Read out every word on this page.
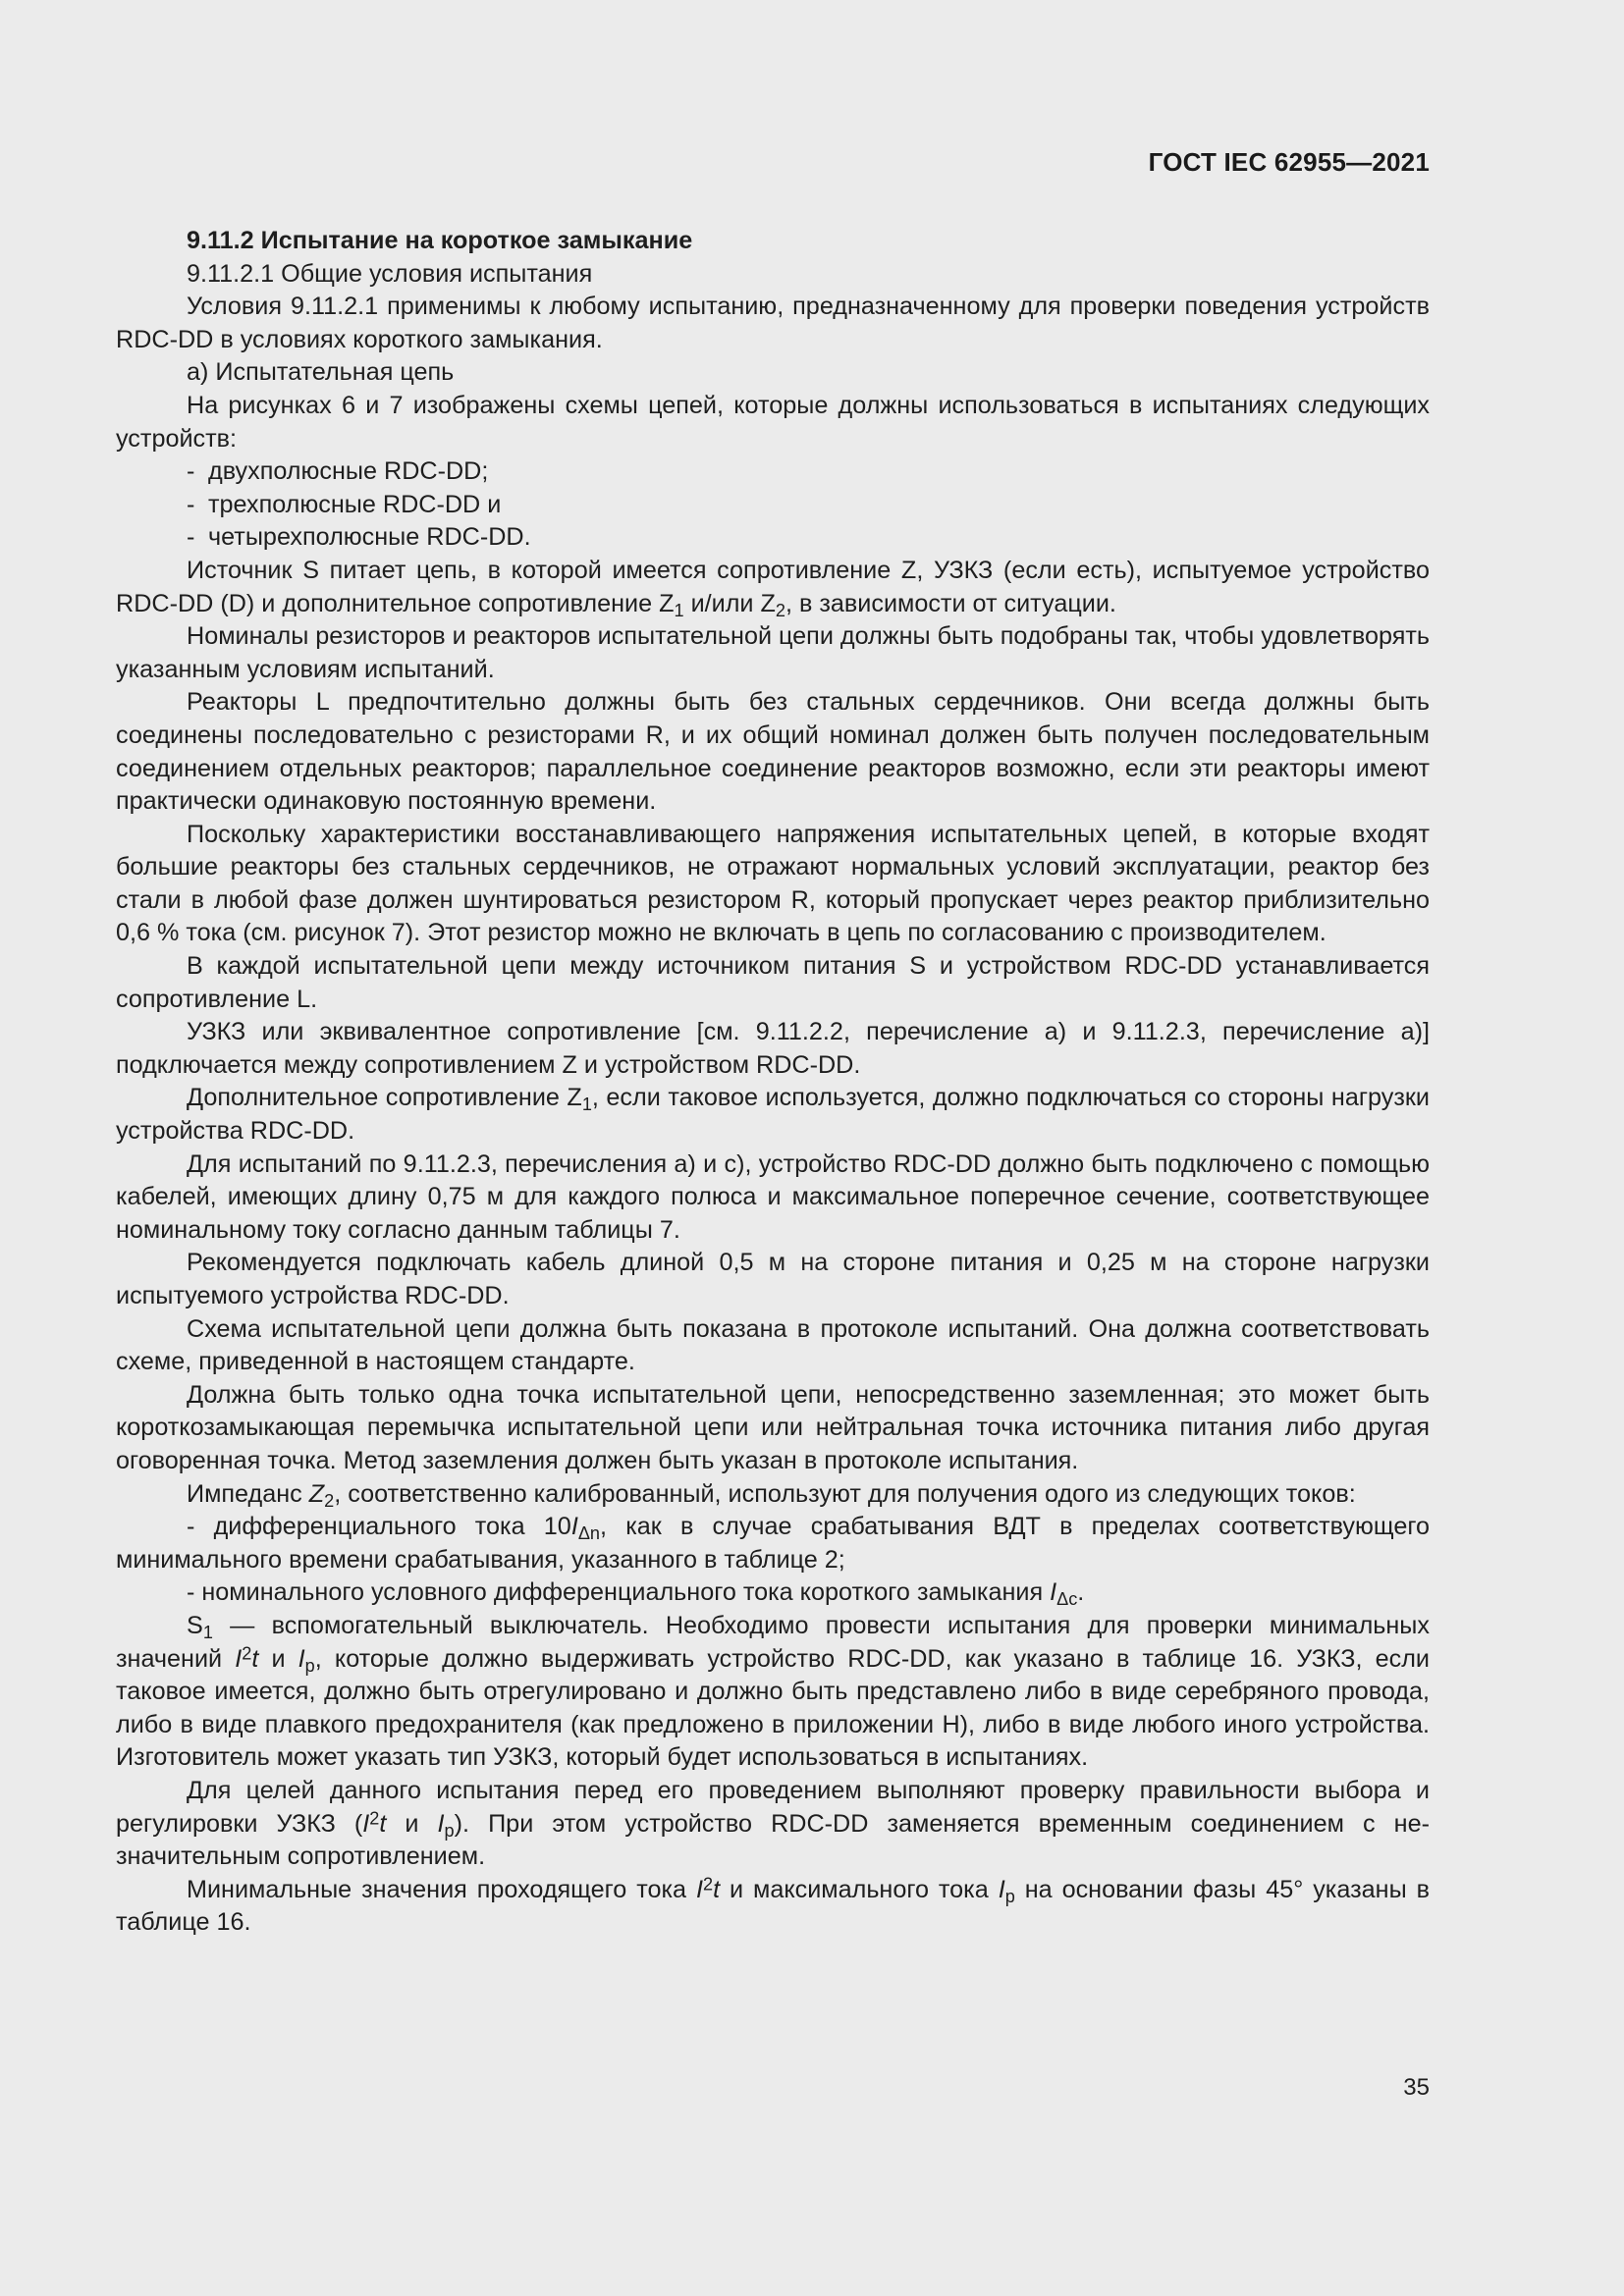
ГОСТ IEC 62955—2021

9.11.2 Испытание на короткое замыкание

9.11.2.1 Общие условия испытания

Условия 9.11.2.1 применимы к любому испытанию, предназначенному для проверки поведения устройств RDC-DD в условиях короткого замыкания.

а) Испытательная цепь

На рисунках 6 и 7 изображены схемы цепей, которые должны использоваться в испытаниях следующих устройств:

- двухполюсные RDC-DD;

- трехполюсные RDC-DD и

- четырехполюсные RDC-DD.

Источник S питает цепь, в которой имеется сопротивление Z, УЗКЗ (если есть), испытуемое устройство RDC-DD (D) и дополнительное сопротивление $Z_1$ и/или $Z_2$, в зависимости от ситуации.

Номиналы резисторов и реакторов испытательной цепи должны быть подобраны так, чтобы удовлетворять указанным условиям испытаний.

Реакторы L предпочтительно должны быть без стальных сердечников. Они всегда должны быть соединены последовательно с резисторами R, и их общий номинал должен быть получен последовательным соединением отдельных реакторов; параллельное соединение реакторов возможно, если эти реакторы имеют практически одинаковую постоянную времени.

Поскольку характеристики восстанавливающего напряжения испытательных цепей, в которые входят большие реакторы без стальных сердечников, не отражают нормальных условий эксплуатации, реактор без стали в любой фазе должен шунтироваться резистором R, который пропускает через реактор приблизительно 0,6 % тока (см. рисунок 7). Этот резистор можно не включать в цепь по согласованию с производителем.

В каждой испытательной цепи между источником питания S и устройством RDC-DD устанавливается сопротивление L.

УЗКЗ или эквивалентное сопротивление [см. 9.11.2.2, перечисление а) и 9.11.2.3, перечисление а)] подключается между сопротивлением Z и устройством RDC-DD.

Дополнительное сопротивление $Z_1$, если таковое используется, должно подключаться со стороны нагрузки устройства RDC-DD.

Для испытаний по 9.11.2.3, перечисления а) и с), устройство RDC-DD должно быть подключено с помощью кабелей, имеющих длину 0,75 м для каждого полюса и максимальное поперечное сечение, соответствующее номинальному току согласно данным таблицы 7.

Рекомендуется подключать кабель длиной 0,5 м на стороне питания и 0,25 м на стороне нагрузки испытуемого устройства RDC-DD.

Схема испытательной цепи должна быть показана в протоколе испытаний. Она должна соответствовать схеме, приведенной в настоящем стандарте.

Должна быть только одна точка испытательной цепи, непосредственно заземленная; это может быть короткозамыкающая перемычка испытательной цепи или нейтральная точка источника питания либо другая оговоренная точка. Метод заземления должен быть указан в протоколе испытания.

Импеданс $Z_2$, соответственно калиброванный, используют для получения одого из следующих токов:

- дифференциального тока $10I_{\Delta n}$, как в случае срабатывания ВДТ в пределах соответствующего минимального времени срабатывания, указанного в таблице 2;

- номинального условного дифференциального тока короткого замыкания $I_{\Delta c}$.

$S_1$ — вспомогательный выключатель. Необходимо провести испытания для проверки минимальных значений $I^2t$ и $I_p$, которые должно выдерживать устройство RDC-DD, как указано в таблице 16. УЗКЗ, если таковое имеется, должно быть отрегулировано и должно быть представлено либо в виде серебряного провода, либо в виде плавкого предохранителя (как предложено в приложении Н), либо в виде любого иного устройства. Изготовитель может указать тип УЗКЗ, который будет использоваться в испытаниях.

Для целей данного испытания перед его проведением выполняют проверку правильности выбора и регулировки УЗКЗ ($I^2t$ и $I_p$). При этом устройство RDC-DD заменяется временным соединением с незначительным сопротивлением.

Минимальные значения проходящего тока $I^2t$ и максимального тока $I_p$ на основании фазы 45° указаны в таблице 16.

35
